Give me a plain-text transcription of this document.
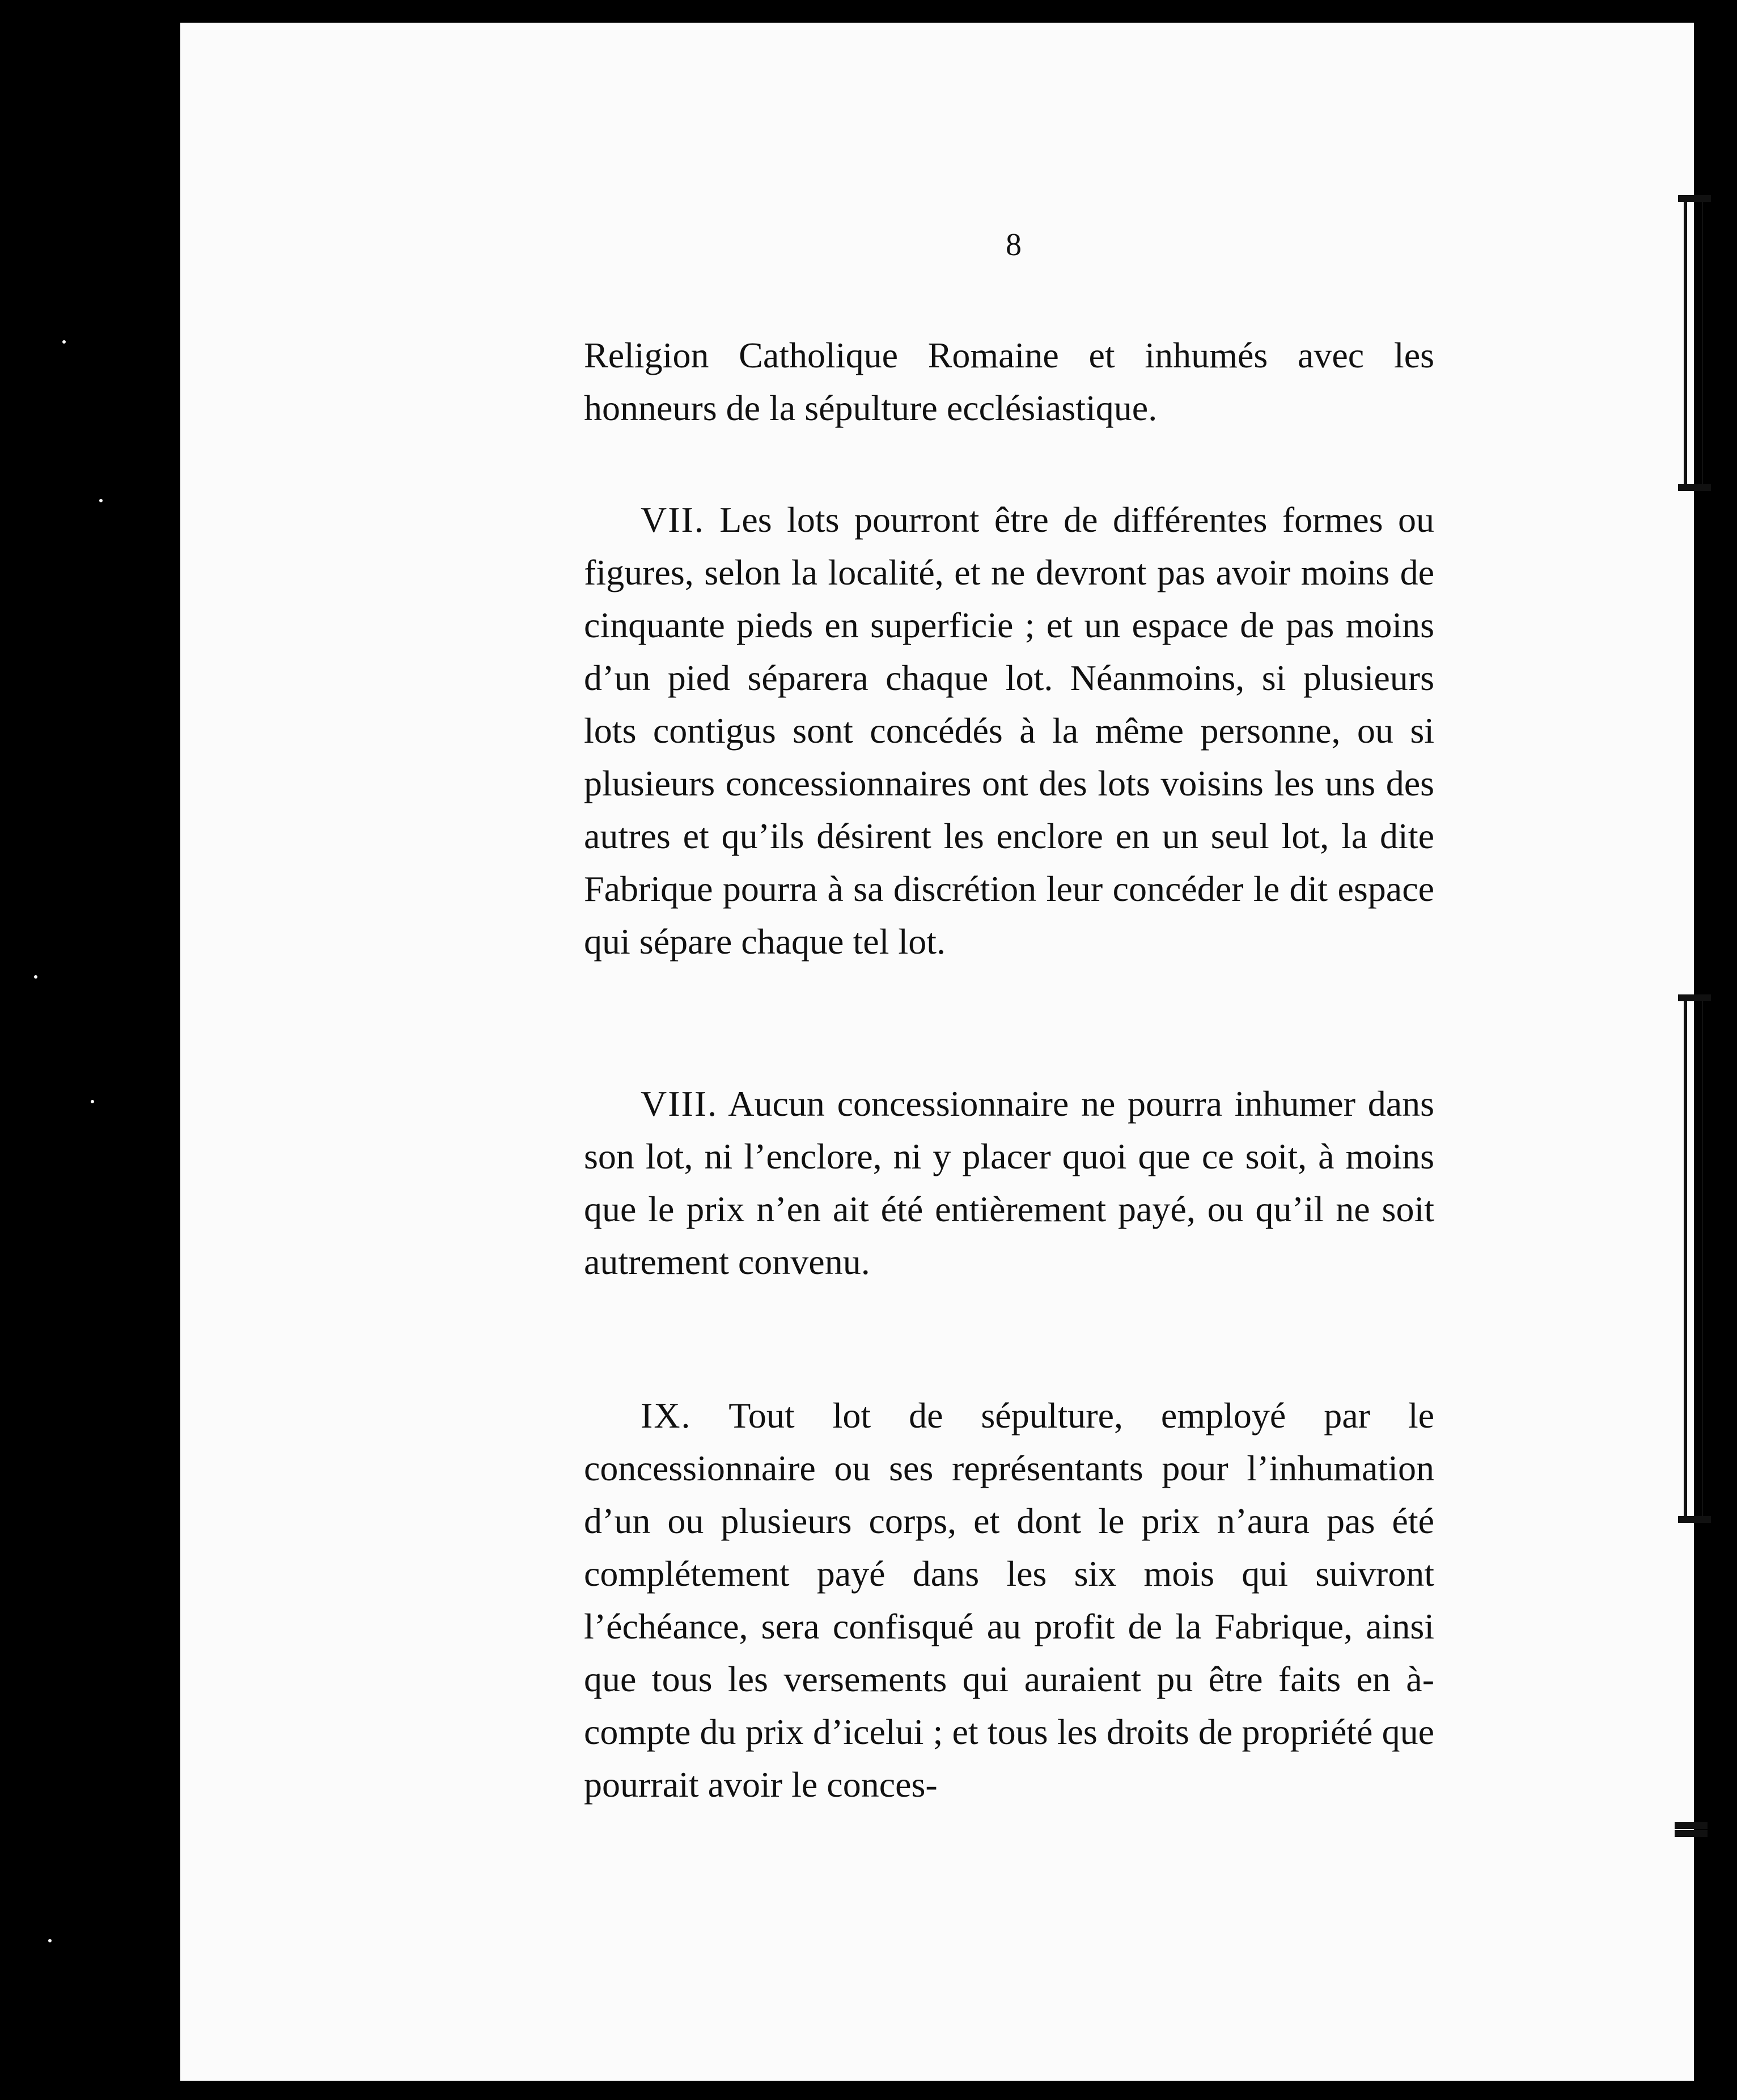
8
Religion Catholique Romaine et inhumés avec les honneurs de la sépulture ecclésiastique.
VII. Les lots pourront être de différentes formes ou figures, selon la localité, et ne devront pas avoir moins de cinquante pieds en superficie ; et un espace de pas moins d’un pied séparera chaque lot. Néanmoins, si plusieurs lots contigus sont concédés à la même personne, ou si plusieurs concessionnaires ont des lots voisins les uns des autres et qu’ils désirent les enclore en un seul lot, la dite Fabrique pourra à sa discrétion leur concéder le dit espace qui sépare chaque tel lot.
VIII. Aucun concessionnaire ne pourra inhumer dans son lot, ni l’enclore, ni y placer quoi que ce soit, à moins que le prix n’en ait été entièrement payé, ou qu’il ne soit autrement convenu.
IX. Tout lot de sépulture, employé par le concessionnaire ou ses représentants pour l’inhumation d’un ou plusieurs corps, et dont le prix n’aura pas été complétement payé dans les six mois qui suivront l’échéance, sera confisqué au profit de la Fabrique, ainsi que tous les versements qui auraient pu être faits en à-compte du prix d’icelui ; et tous les droits de propriété que pourrait avoir le conces-
